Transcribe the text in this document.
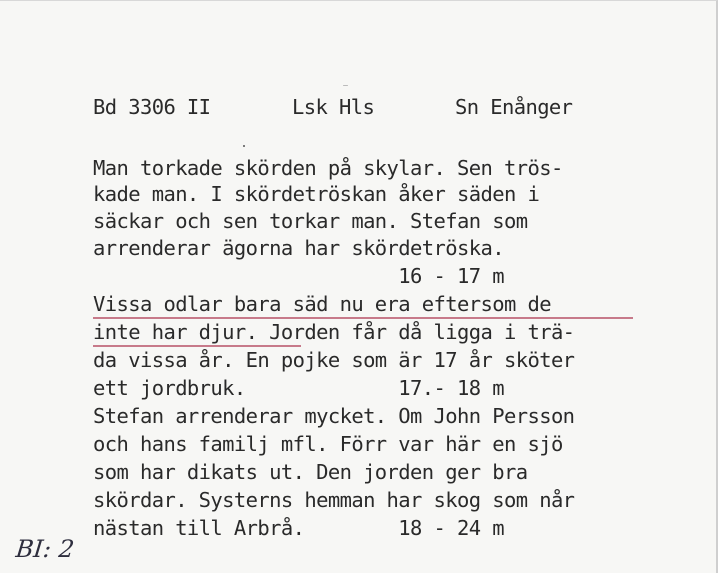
Bd 3306 II	Lsk Hls	Sn Enånger
Man torkade skörden på skylar. Sen trös-
kade man. I skördetröskan åker säden i
säckar och sen torkar man. Stefan som
arrenderar ägorna har skördetröska.
16 - 17 m
Vissa odlar bara säd nu era eftersom de
inte har djur. Jorden får då ligga i trä-
da vissa år. En pojke som är 17 år sköter
ett jordbruk.             17.- 18 m
Stefan arrenderar mycket. Om John Persson
och hans familj mfl. Förr var här en sjö
som har dikats ut. Den jorden ger bra
skördar. Systerns hemman har skog som når
nästan till Arbrå.        18 - 24 m
BI: 2
